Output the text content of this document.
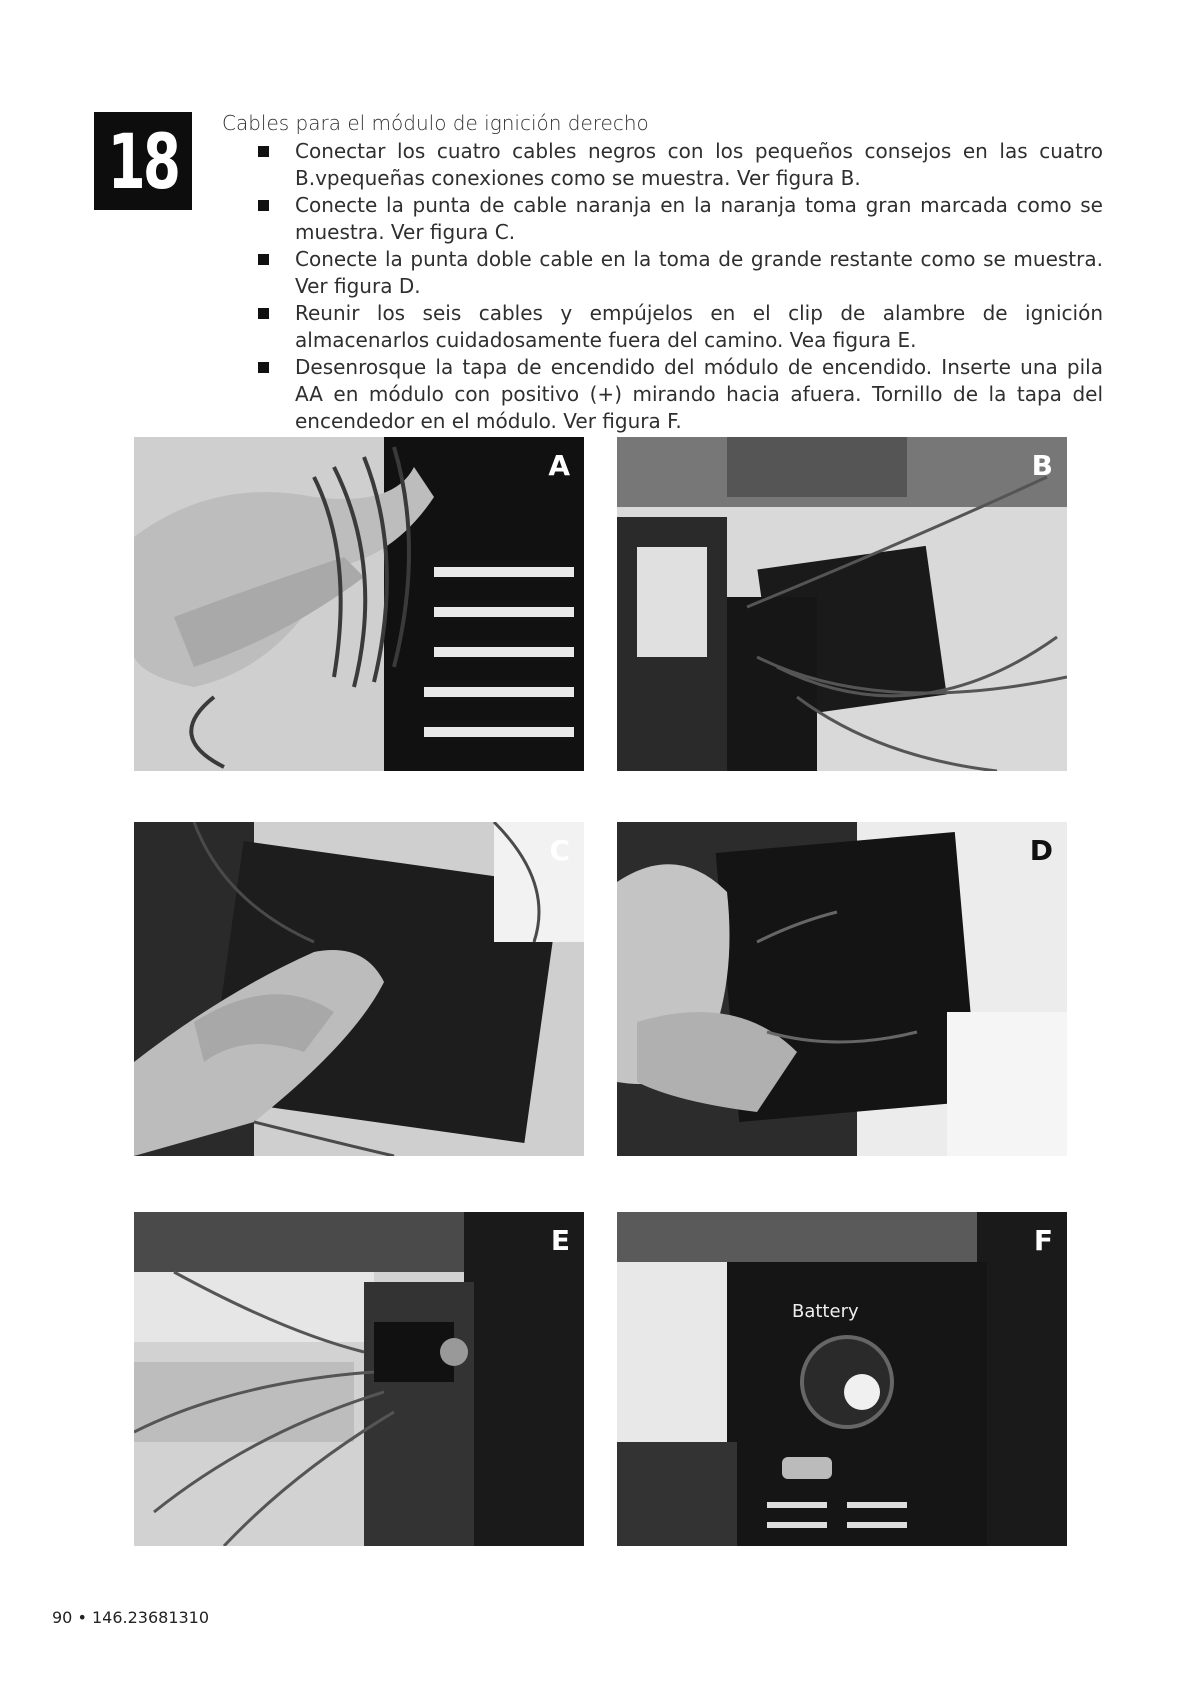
18 Cables para el módulo de ignición derecho

Conectar los cuatro cables negros con los pequeños consejos en las cuatro B.vpequeñas conexiones como se muestra. Ver figura B.
Conecte la punta de cable naranja en la naranja toma gran marcada como se muestra. Ver figura C.
Conecte la punta doble cable en la toma de grande restante como se muestra. Ver figura D.
Reunir los seis cables y empújelos en el clip de alambre de ignición almacenarlos cuidadosamente fuera del camino. Vea figura E.
Desenrosque la tapa de encendido del módulo de encendido. Inserte una pila AA en módulo con positivo (+) mirando hacia afuera. Tornillo de la tapa del encendedor en el módulo. Ver figura F.
A	B
C	D
E
Battery
F
90 • 146.23681310
